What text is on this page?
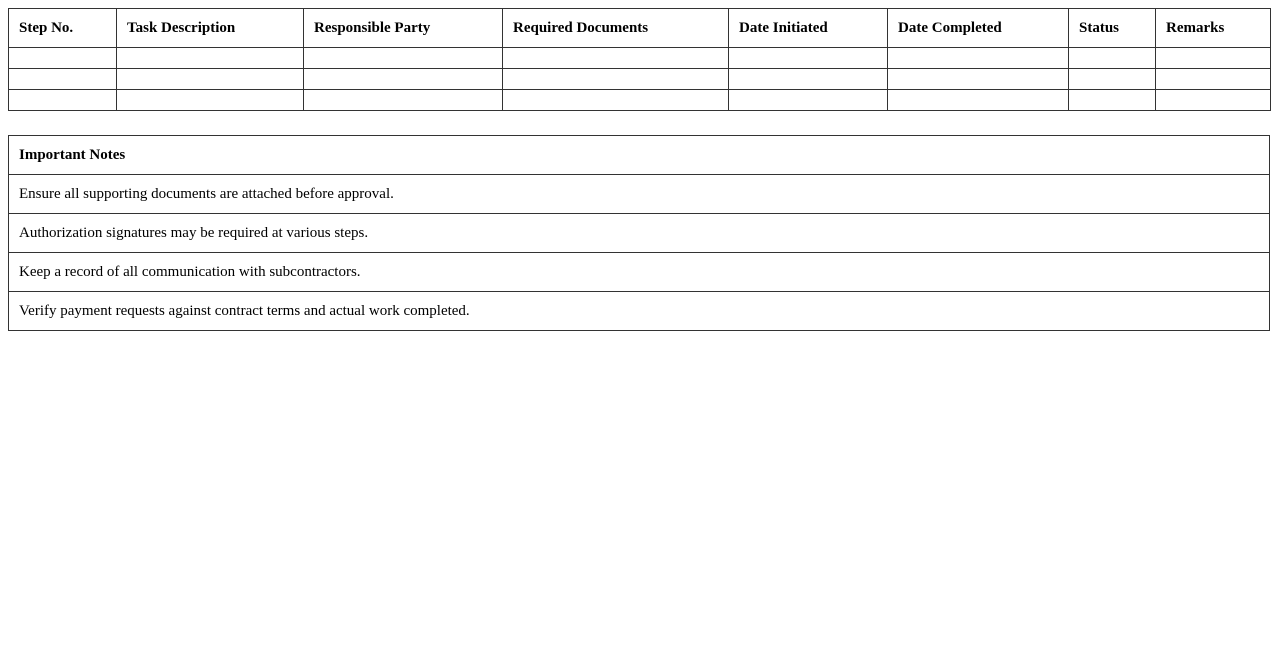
Step No.	Task Description	Responsible Party	Required Documents	Date Initiated	Date Completed	Status	Remarks

Important Notes
Ensure all supporting documents are attached before approval.
Authorization signatures may be required at various steps.
Keep a record of all communication with subcontractors.
Verify payment requests against contract terms and actual work completed.
